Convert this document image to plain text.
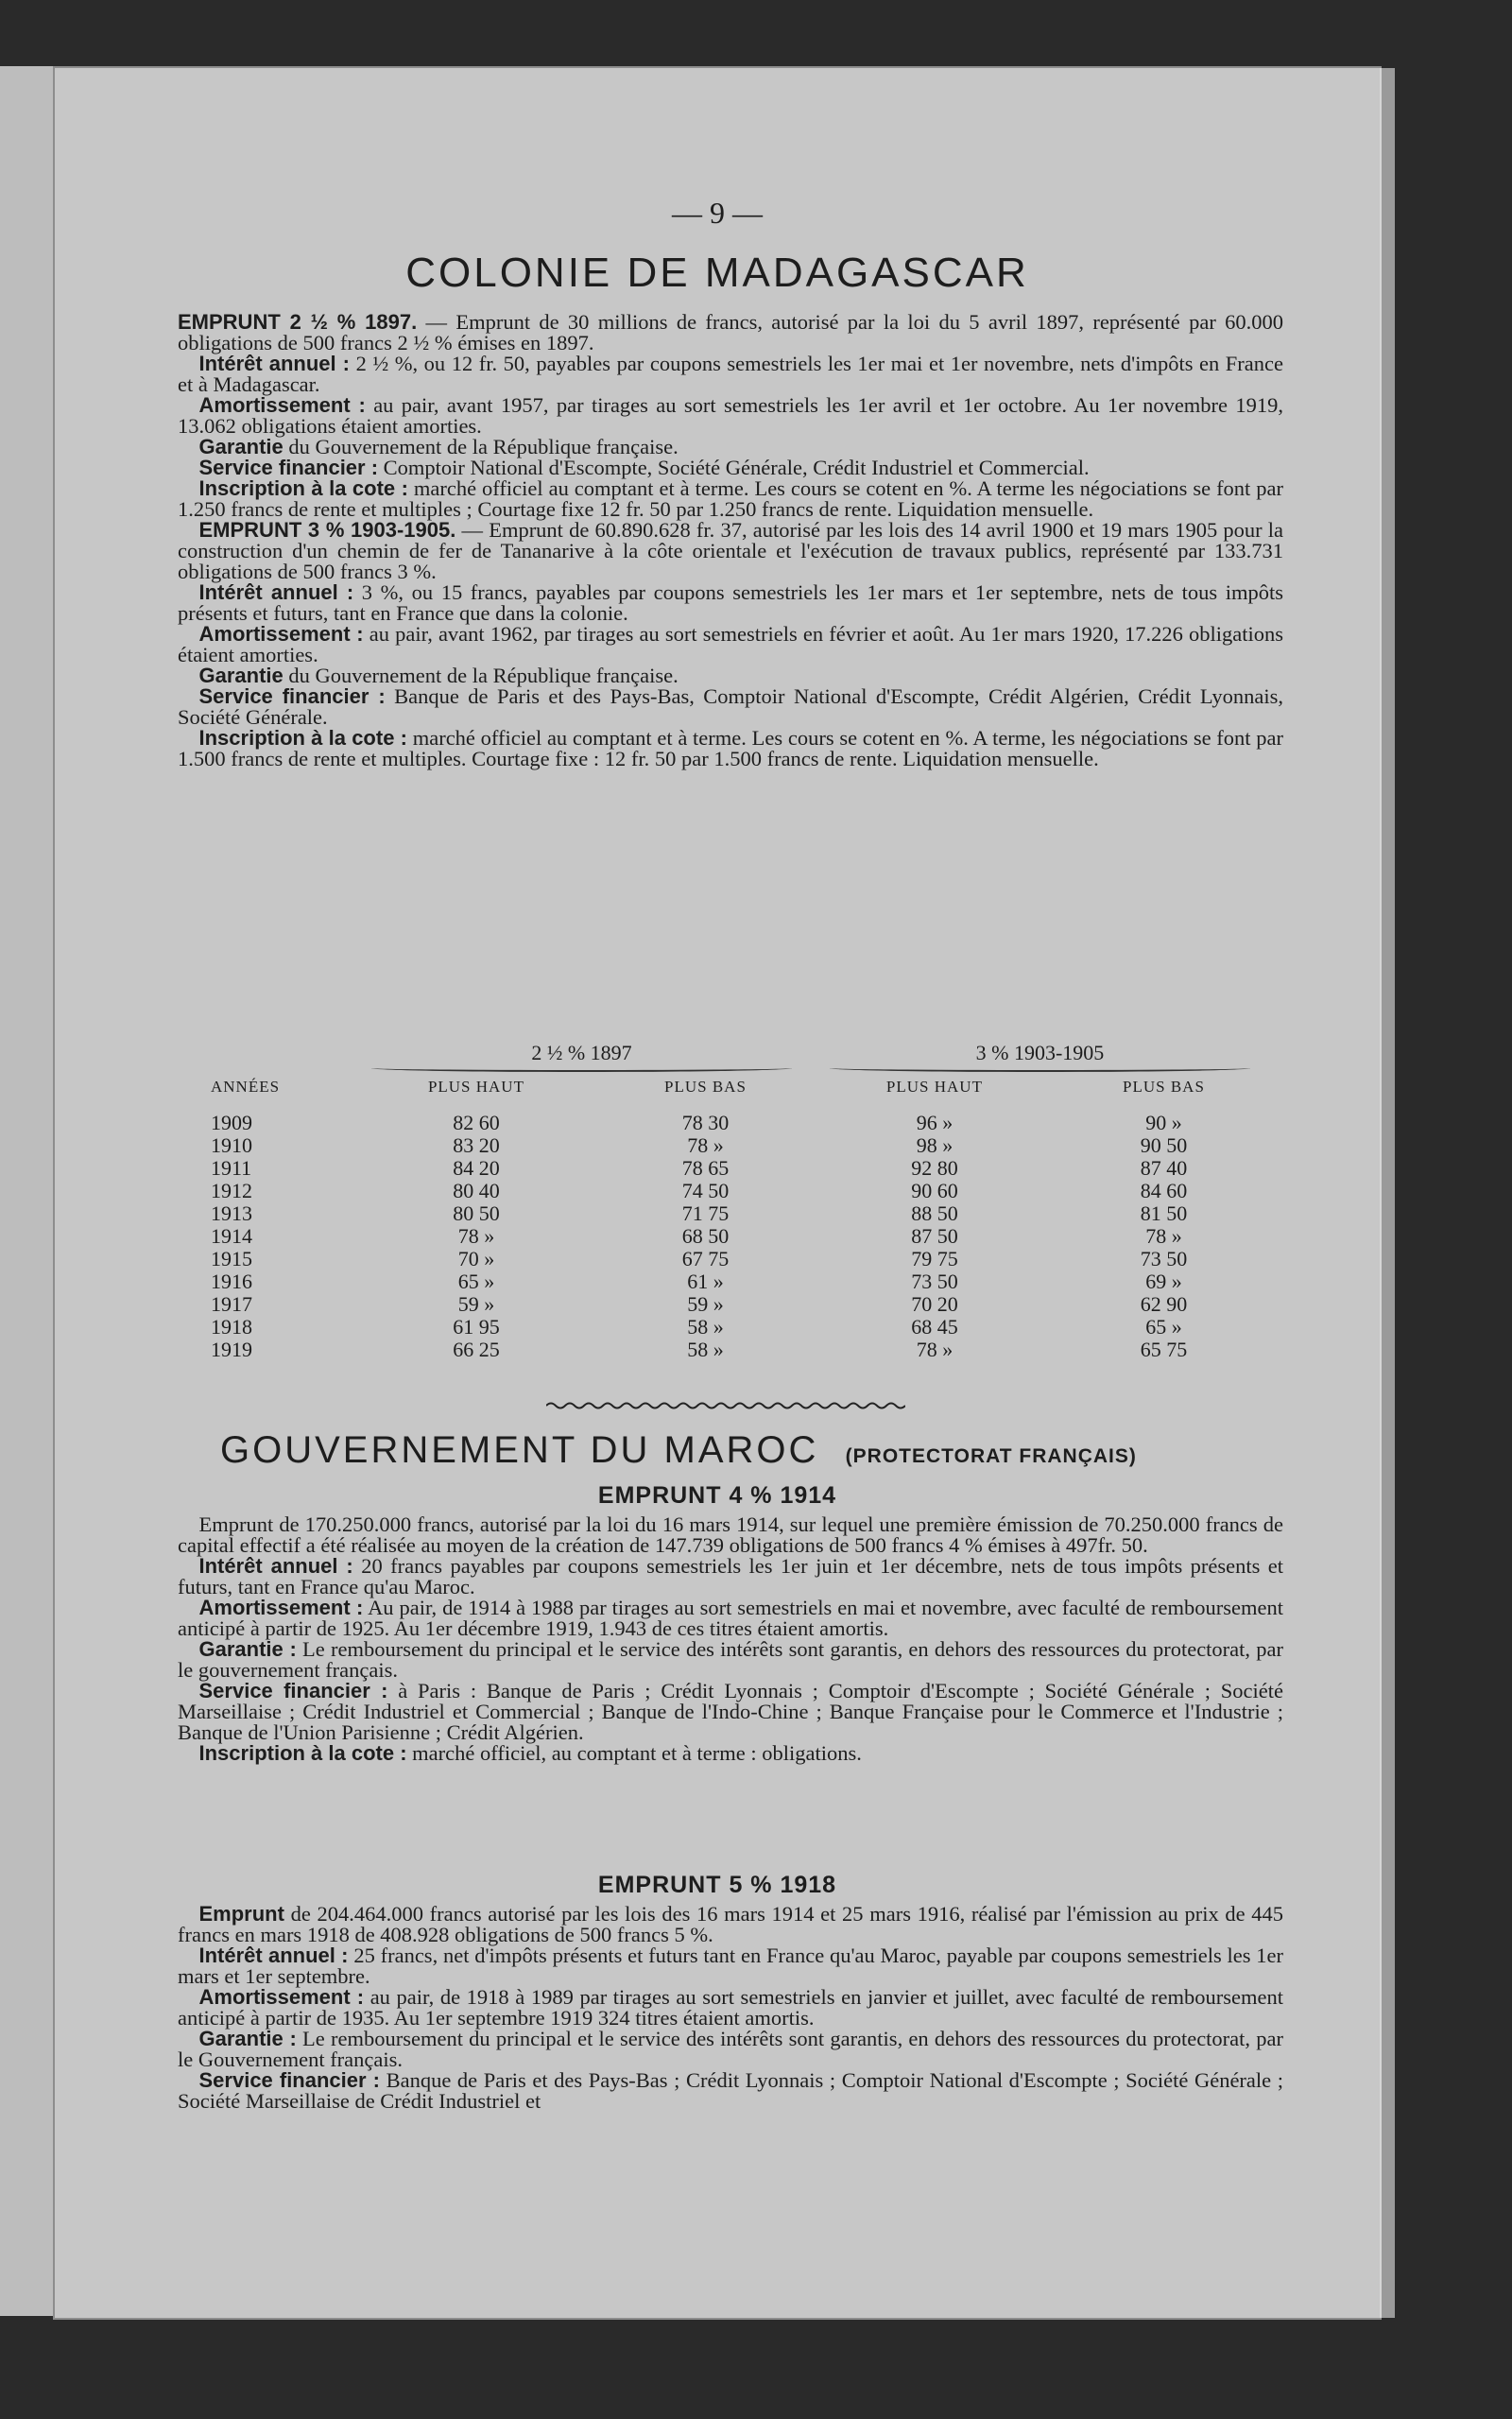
— 9 —
COLONIE DE MADAGASCAR

EMPRUNT 2 ½ % 1897. — Emprunt de 30 millions de francs, autorisé par la loi du 5 avril 1897, représenté par 60.000 obligations de 500 francs 2 ½ % émises en 1897.

 Intérêt annuel : 2 ½ %, ou 12 fr. 50, payables par coupons semestriels les 1er mai et 1er novembre, nets d'impôts en France et à Madagascar.

 Amortissement : au pair, avant 1957, par tirages au sort semestriels les 1er avril et 1er octobre. Au 1er novembre 1919, 13.062 obligations étaient amorties.

 Garantie du Gouvernement de la République française.

 Service financier : Comptoir National d'Escompte, Société Générale, Crédit Industriel et Commercial.

 Inscription à la cote : marché officiel au comptant et à terme. Les cours se cotent en %. A terme les négociations se font par 1.250 francs de rente et multiples ; Courtage fixe 12 fr. 50 par 1.250 francs de rente. Liquidation mensuelle.

 EMPRUNT 3 % 1903-1905. — Emprunt de 60.890.628 fr. 37, autorisé par les lois des 14 avril 1900 et 19 mars 1905 pour la construction d'un chemin de fer de Tananarive à la côte orientale et l'exécution de travaux publics, représenté par 133.731 obligations de 500 francs 3 %.

 Intérêt annuel : 3 %, ou 15 francs, payables par coupons semestriels les 1er mars et 1er septembre, nets de tous impôts présents et futurs, tant en France que dans la colonie.

 Amortissement : au pair, avant 1962, par tirages au sort semestriels en février et août. Au 1er mars 1920, 17.226 obligations étaient amorties.

 Garantie du Gouvernement de la République française.

 Service financier : Banque de Paris et des Pays-Bas, Comptoir National d'Escompte, Crédit Algérien, Crédit Lyonnais, Société Générale.

 Inscription à la cote : marché officiel au comptant et à terme. Les cours se cotent en %. A terme, les négociations se font par 1.500 francs de rente et multiples. Courtage fixe : 12 fr. 50 par 1.500 francs de rente. Liquidation mensuelle.

	2 ½ % 1897		3 % 1903-1905	

ANNÉES	PLUS HAUT	PLUS BAS	PLUS HAUT	PLUS BAS

1909	82 60	78 30	96 »	90 »
1910	83 20	78 »	98 »	90 50
1911	84 20	78 65	92 80	87 40
1912	80 40	74 50	90 60	84 60
1913	80 50	71 75	88 50	81 50
1914	78 »	68 50	87 50	78 »
1915	70 »	67 75	79 75	73 50
1916	65 »	61 »	73 50	69 »
1917	59 »	59 »	70 20	62 90
1918	61 95	58 »	68 45	65 »
1919	66 25	58 »	78 »	65 75
GOUVERNEMENT DU MAROC (PROTECTORAT FRANÇAIS)
EMPRUNT 4 % 1914

 Emprunt de 170.250.000 francs, autorisé par la loi du 16 mars 1914, sur lequel une première émission de 70.250.000 francs de capital effectif a été réalisée au moyen de la création de 147.739 obligations de 500 francs 4 % émises à 497fr. 50.

 Intérêt annuel : 20 francs payables par coupons semestriels les 1er juin et 1er décembre, nets de tous impôts présents et futurs, tant en France qu'au Maroc.

 Amortissement : Au pair, de 1914 à 1988 par tirages au sort semestriels en mai et novembre, avec faculté de remboursement anticipé à partir de 1925. Au 1er décembre 1919, 1.943 de ces titres étaient amortis.

 Garantie : Le remboursement du principal et le service des intérêts sont garantis, en dehors des ressources du protectorat, par le gouvernement français.

 Service financier : à Paris : Banque de Paris ; Crédit Lyonnais ; Comptoir d'Escompte ; Société Générale ; Société Marseillaise ; Crédit Industriel et Commercial ; Banque de l'Indo-Chine ; Banque Française pour le Commerce et l'Industrie ; Banque de l'Union Parisienne ; Crédit Algérien.

 Inscription à la cote : marché officiel, au comptant et à terme : obligations.

EMPRUNT 5 % 1918

 Emprunt de 204.464.000 francs autorisé par les lois des 16 mars 1914 et 25 mars 1916, réalisé par l'émission au prix de 445 francs en mars 1918 de 408.928 obligations de 500 francs 5 %.

 Intérêt annuel : 25 francs, net d'impôts présents et futurs tant en France qu'au Maroc, payable par coupons semestriels les 1er mars et 1er septembre.

 Amortissement : au pair, de 1918 à 1989 par tirages au sort semestriels en janvier et juillet, avec faculté de remboursement anticipé à partir de 1935. Au 1er septembre 1919 324 titres étaient amortis.

 Garantie : Le remboursement du principal et le service des intérêts sont garantis, en dehors des ressources du protectorat, par le Gouvernement français.

 Service financier : Banque de Paris et des Pays-Bas ; Crédit Lyonnais ; Comptoir National d'Escompte ; Société Générale ; Société Marseillaise de Crédit Industriel et
